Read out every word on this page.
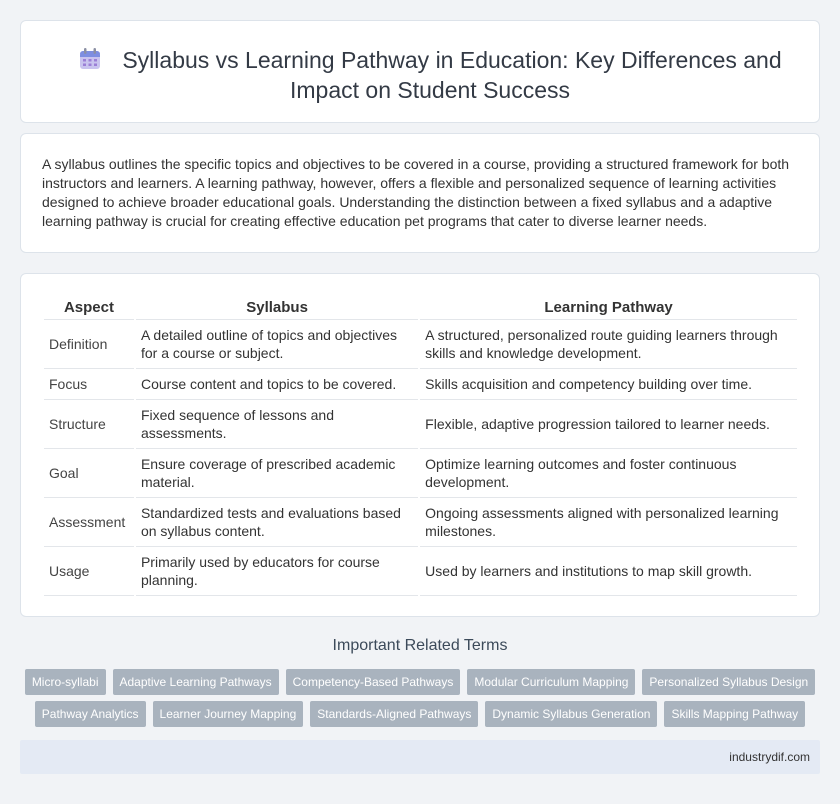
Syllabus vs Learning Pathway in Education: Key Differences and Impact on Student Success

A syllabus outlines the specific topics and objectives to be covered in a course, providing a structured framework for both instructors and learners. A learning pathway, however, offers a flexible and personalized sequence of learning activities designed to achieve broader educational goals. Understanding the distinction between a fixed syllabus and a adaptive learning pathway is crucial for creating effective education pet programs that cater to diverse learner needs.

Aspect	Syllabus	Learning Pathway
Definition	A detailed outline of topics and objectives for a course or subject.	A structured, personalized route guiding learners through skills and knowledge development.
Focus	Course content and topics to be covered.	Skills acquisition and competency building over time.
Structure	Fixed sequence of lessons and assessments.	Flexible, adaptive progression tailored to learner needs.
Goal	Ensure coverage of prescribed academic material.	Optimize learning outcomes and foster continuous development.
Assessment	Standardized tests and evaluations based on syllabus content.	Ongoing assessments aligned with personalized learning milestones.
Usage	Primarily used by educators for course planning.	Used by learners and institutions to map skill growth.
Important Related Terms
Micro-syllabi	Adaptive Learning Pathways	Competency-Based Pathways	Modular Curriculum Mapping	Personalized Syllabus Design
Pathway Analytics	Learner Journey Mapping	Standards-Aligned Pathways	Dynamic Syllabus Generation	Skills Mapping Pathway
industrydif.com
